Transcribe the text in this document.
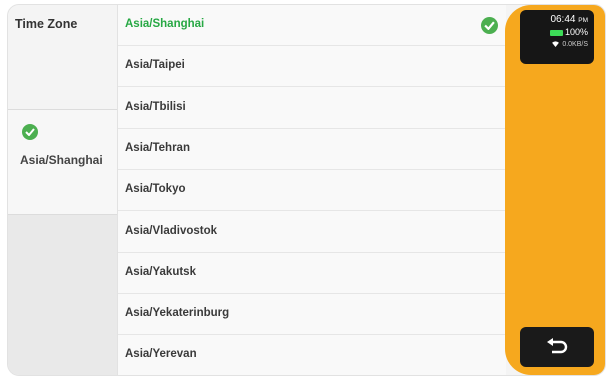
Time Zone
Asia/Shanghai
Asia/Shanghai
Asia/Taipei
Asia/Tbilisi
Asia/Tehran
Asia/Tokyo
Asia/Vladivostok
Asia/Yakutsk
Asia/Yekaterinburg
Asia/Yerevan
06:44 PM
100%
0.0KB/S
